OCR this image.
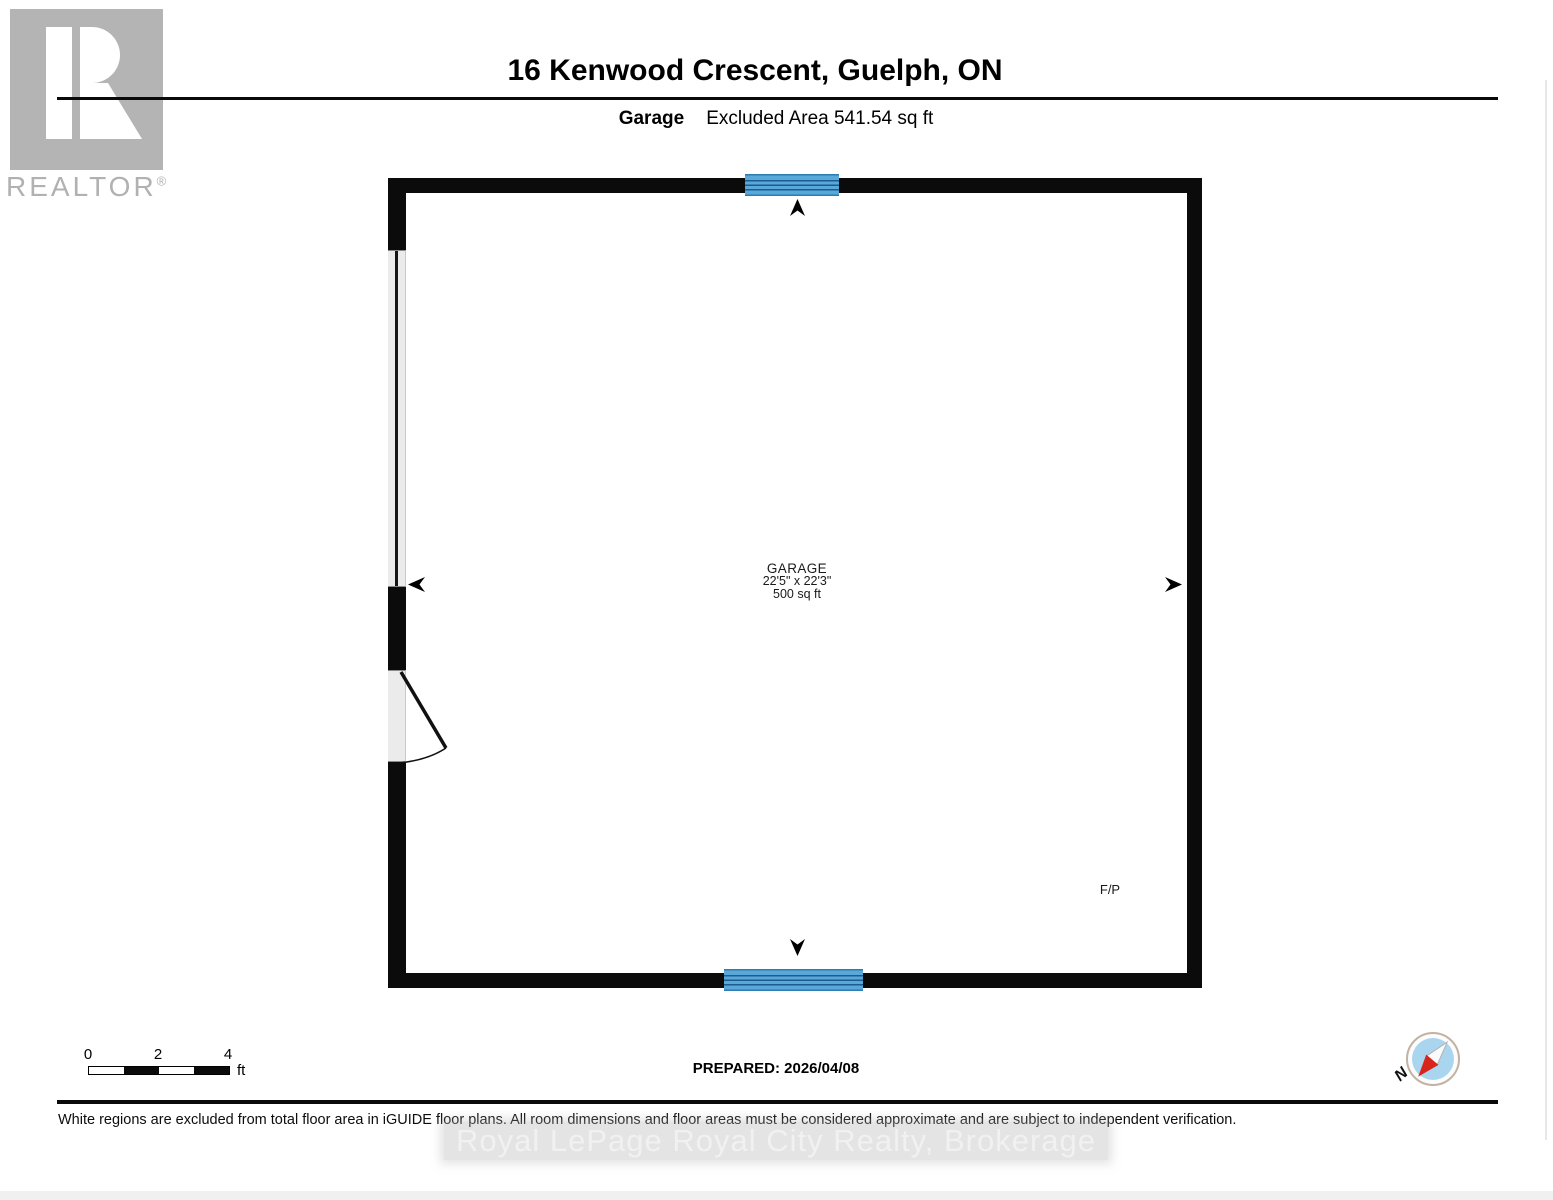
REALTOR®
16 Kenwood Crescent, Guelph, ON
Garage Excluded Area 541.54 sq ft
GARAGE
22'5" x 22'3"
500 sq ft
F/P
0	2	4
ft	PREPARED: 2026/04/08	N
White regions are excluded from total floor area in iGUIDE floor plans. All room dimensions and floor areas must be considered approximate and are subject to independent verification.
Royal LePage Royal City Realty, Brokerage
